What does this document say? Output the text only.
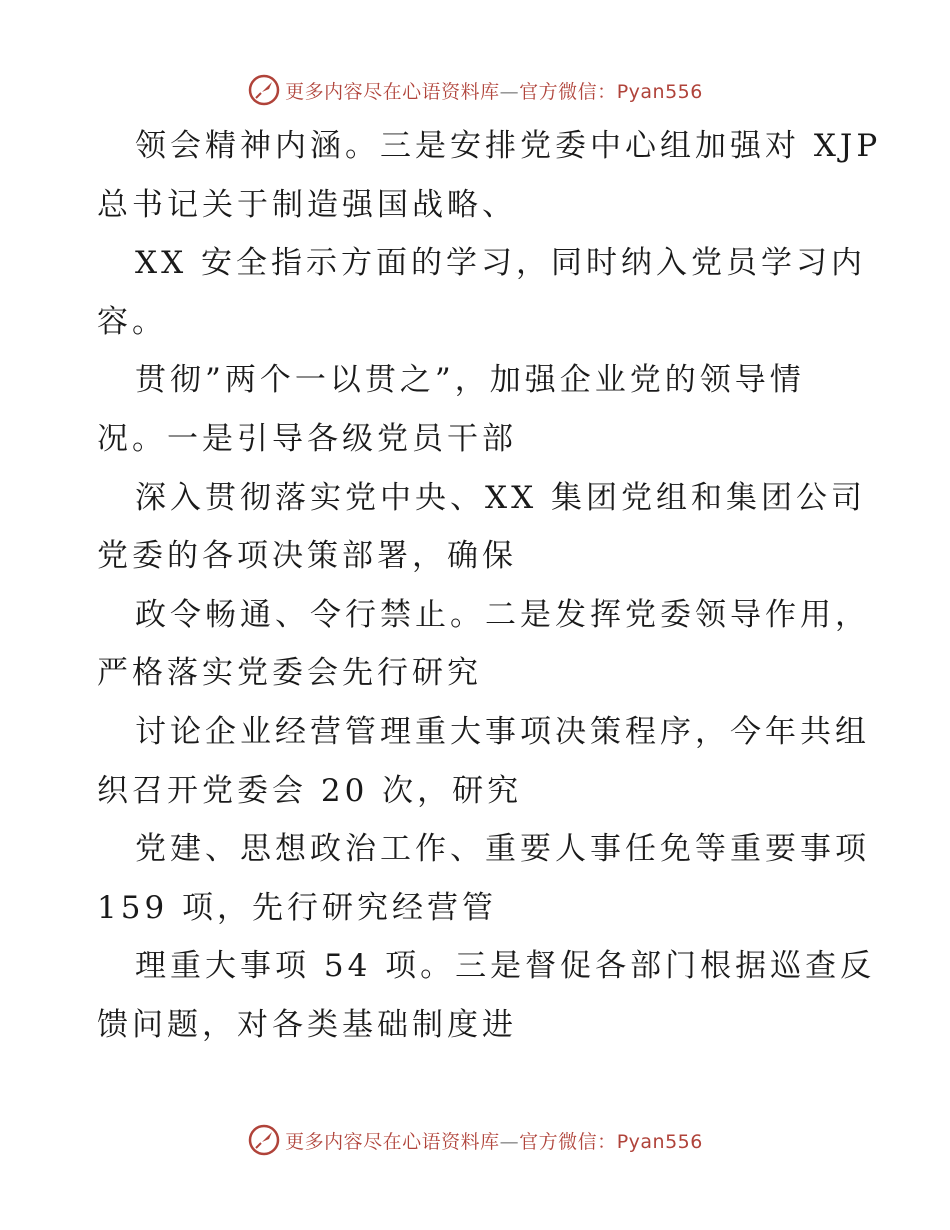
更多内容尽在心语资料库—官方微信：Pyan556
领会精神内涵。三是安排党委中心组加强对 XJP
总书记关于制造强国战略、
XX 安全指示方面的学习，同时纳入党员学习内
容。
贯彻”两个一以贯之”，加强企业党的领导情
况。一是引导各级党员干部
深入贯彻落实党中央、XX 集团党组和集团公司
党委的各项决策部署，确保
政令畅通、令行禁止。二是发挥党委领导作用，
严格落实党委会先行研究
讨论企业经营管理重大事项决策程序，今年共组
织召开党委会 20 次，研究
党建、思想政治工作、重要人事任免等重要事项
159 项，先行研究经营管
理重大事项 54 项。三是督促各部门根据巡查反
馈问题，对各类基础制度进
更多内容尽在心语资料库—官方微信：Pyan556
